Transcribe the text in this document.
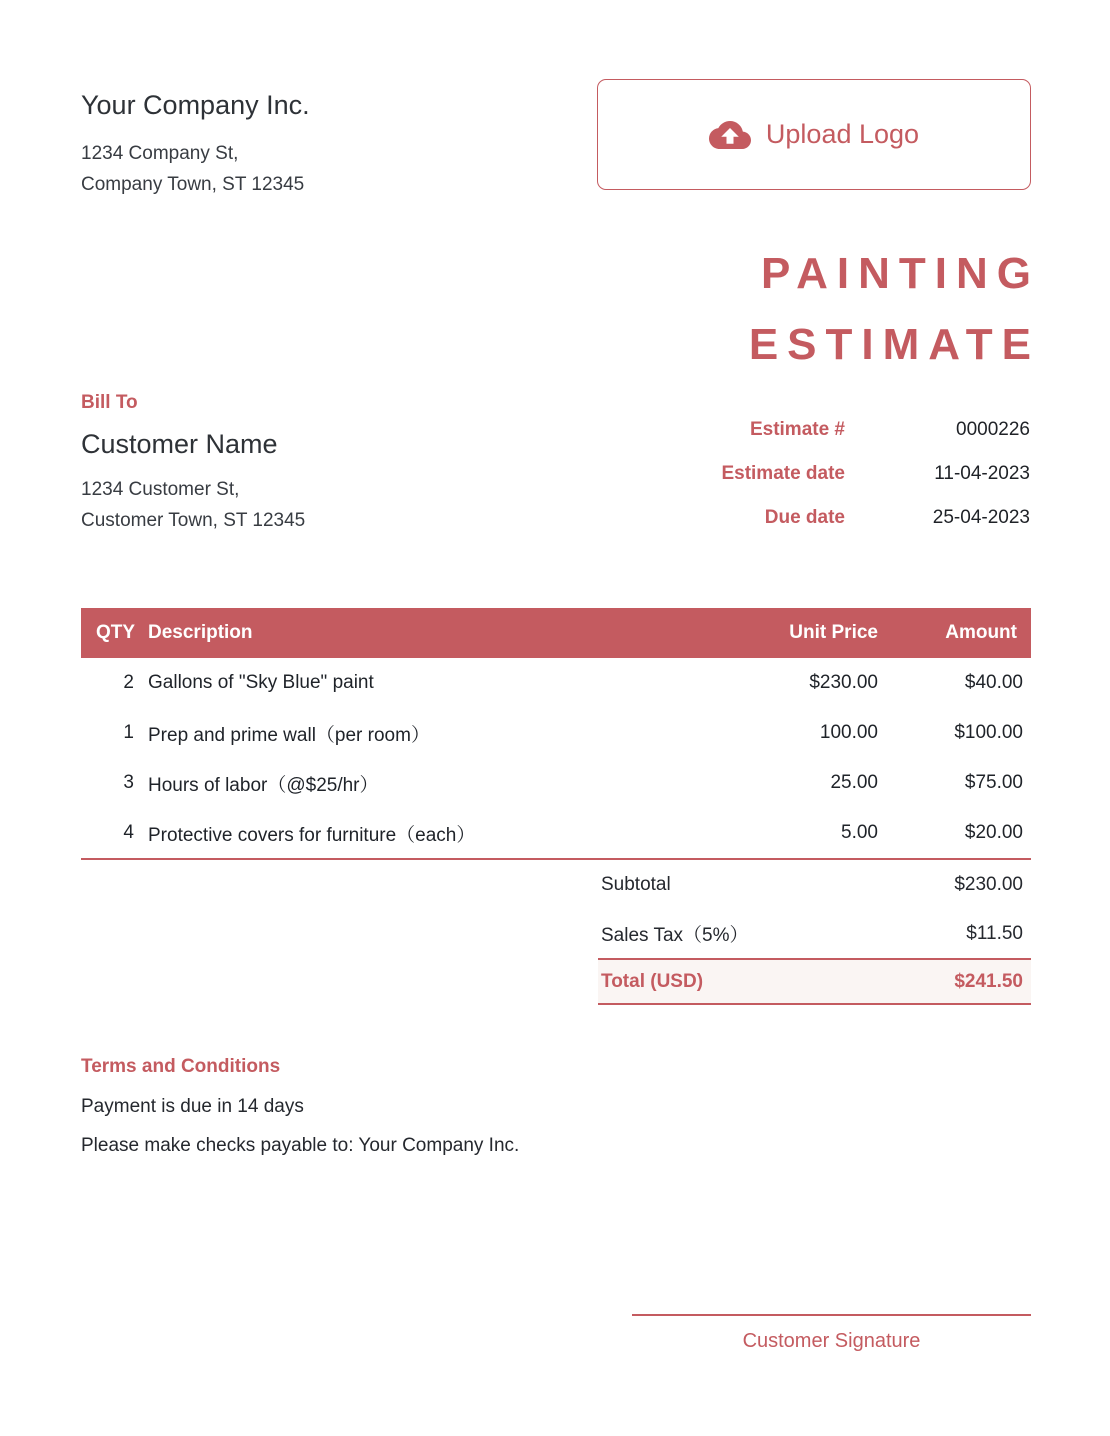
Your Company Inc.
1234 Company St,
Company Town, ST 12345
Upload Logo
PAINTING
ESTIMATE
Bill To
Customer Name
1234 Customer St,
Customer Town, ST 12345
Estimate #	0000226
Estimate date	11-04-2023
Due date	25-04-2023
QTY Description	Unit Price	Amount
2 Gallons of "Sky Blue" paint	$230.00	$40.00
1 Prep and prime wall（per room）	100.00	$100.00
3 Hours of labor（@$25/hr）	25.00	$75.00
4 Protective covers for furniture（each）	5.00	$20.00
Subtotal	$230.00
Sales Tax（5%）	$11.50
Total (USD)	$241.50
Terms and Conditions
Payment is due in 14 days
Please make checks payable to: Your Company Inc.
Customer Signature
